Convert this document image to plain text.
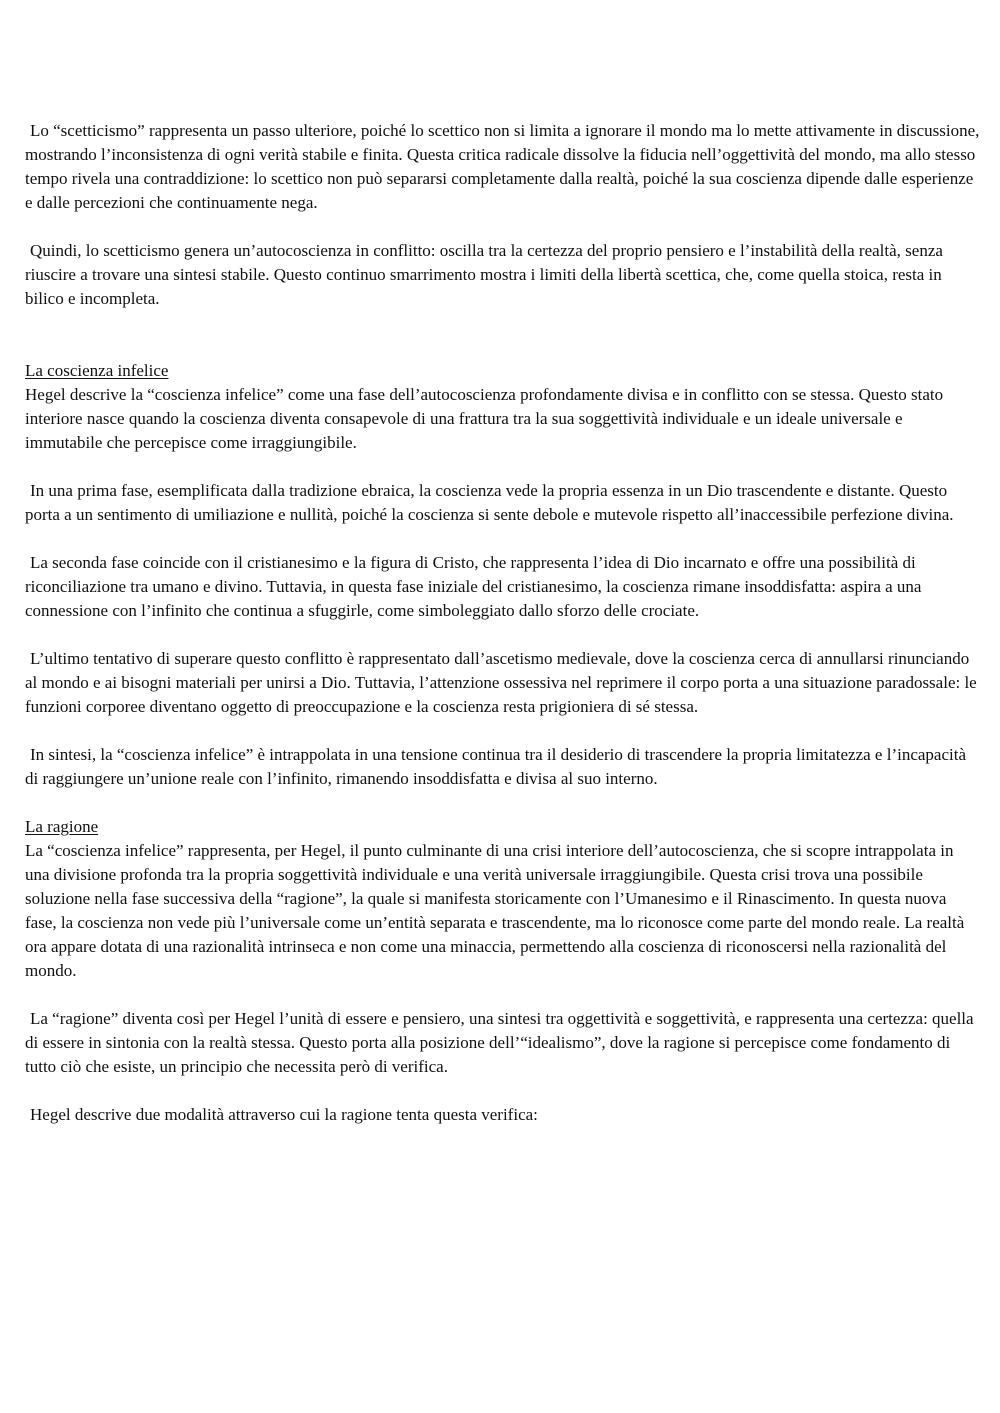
Lo “scetticismo” rappresenta un passo ulteriore, poiché lo scettico non si limita a ignorare il mondo ma lo mette attivamente in discussione, mostrando l’inconsistenza di ogni verità stabile e finita. Questa critica radicale dissolve la fiducia nell’oggettività del mondo, ma allo stesso tempo rivela una contraddizione: lo scettico non può separarsi completamente dalla realtà, poiché la sua coscienza dipende dalle esperienze e dalle percezioni che continuamente nega.

Quindi, lo scetticismo genera un’autocoscienza in conflitto: oscilla tra la certezza del proprio pensiero e l’instabilità della realtà, senza riuscire a trovare una sintesi stabile. Questo continuo smarrimento mostra i limiti della libertà scettica, che, come quella stoica, resta in bilico e incompleta.

La coscienza infelice

Hegel descrive la “coscienza infelice” come una fase dell’autocoscienza profondamente divisa e in conflitto con se stessa. Questo stato interiore nasce quando la coscienza diventa consapevole di una frattura tra la sua soggettività individuale e un ideale universale e immutabile che percepisce come irraggiungibile.

In una prima fase, esemplificata dalla tradizione ebraica, la coscienza vede la propria essenza in un Dio trascendente e distante. Questo porta a un sentimento di umiliazione e nullità, poiché la coscienza si sente debole e mutevole rispetto all’inaccessibile perfezione divina.

La seconda fase coincide con il cristianesimo e la figura di Cristo, che rappresenta l’idea di Dio incarnato e offre una possibilità di riconciliazione tra umano e divino. Tuttavia, in questa fase iniziale del cristianesimo, la coscienza rimane insoddisfatta: aspira a una connessione con l’infinito che continua a sfuggirle, come simboleggiato dallo sforzo delle crociate.

L’ultimo tentativo di superare questo conflitto è rappresentato dall’ascetismo medievale, dove la coscienza cerca di annullarsi rinunciando al mondo e ai bisogni materiali per unirsi a Dio. Tuttavia, l’attenzione ossessiva nel reprimere il corpo porta a una situazione paradossale: le funzioni corporee diventano oggetto di preoccupazione e la coscienza resta prigioniera di sé stessa.

In sintesi, la “coscienza infelice” è intrappolata in una tensione continua tra il desiderio di trascendere la propria limitatezza e l’incapacità di raggiungere un’unione reale con l’infinito, rimanendo insoddisfatta e divisa al suo interno.

La ragione

La “coscienza infelice” rappresenta, per Hegel, il punto culminante di una crisi interiore dell’autocoscienza, che si scopre intrappolata in una divisione profonda tra la propria soggettività individuale e una verità universale irraggiungibile. Questa crisi trova una possibile soluzione nella fase successiva della “ragione”, la quale si manifesta storicamente con l’Umanesimo e il Rinascimento. In questa nuova fase, la coscienza non vede più l’universale come un’entità separata e trascendente, ma lo riconosce come parte del mondo reale. La realtà ora appare dotata di una razionalità intrinseca e non come una minaccia, permettendo alla coscienza di riconoscersi nella razionalità del mondo.

La “ragione” diventa così per Hegel l’unità di essere e pensiero, una sintesi tra oggettività e soggettività, e rappresenta una certezza: quella di essere in sintonia con la realtà stessa. Questo porta alla posizione dell’“idealismo”, dove la ragione si percepisce come fondamento di tutto ciò che esiste, un principio che necessita però di verifica.

Hegel descrive due modalità attraverso cui la ragione tenta questa verifica:
